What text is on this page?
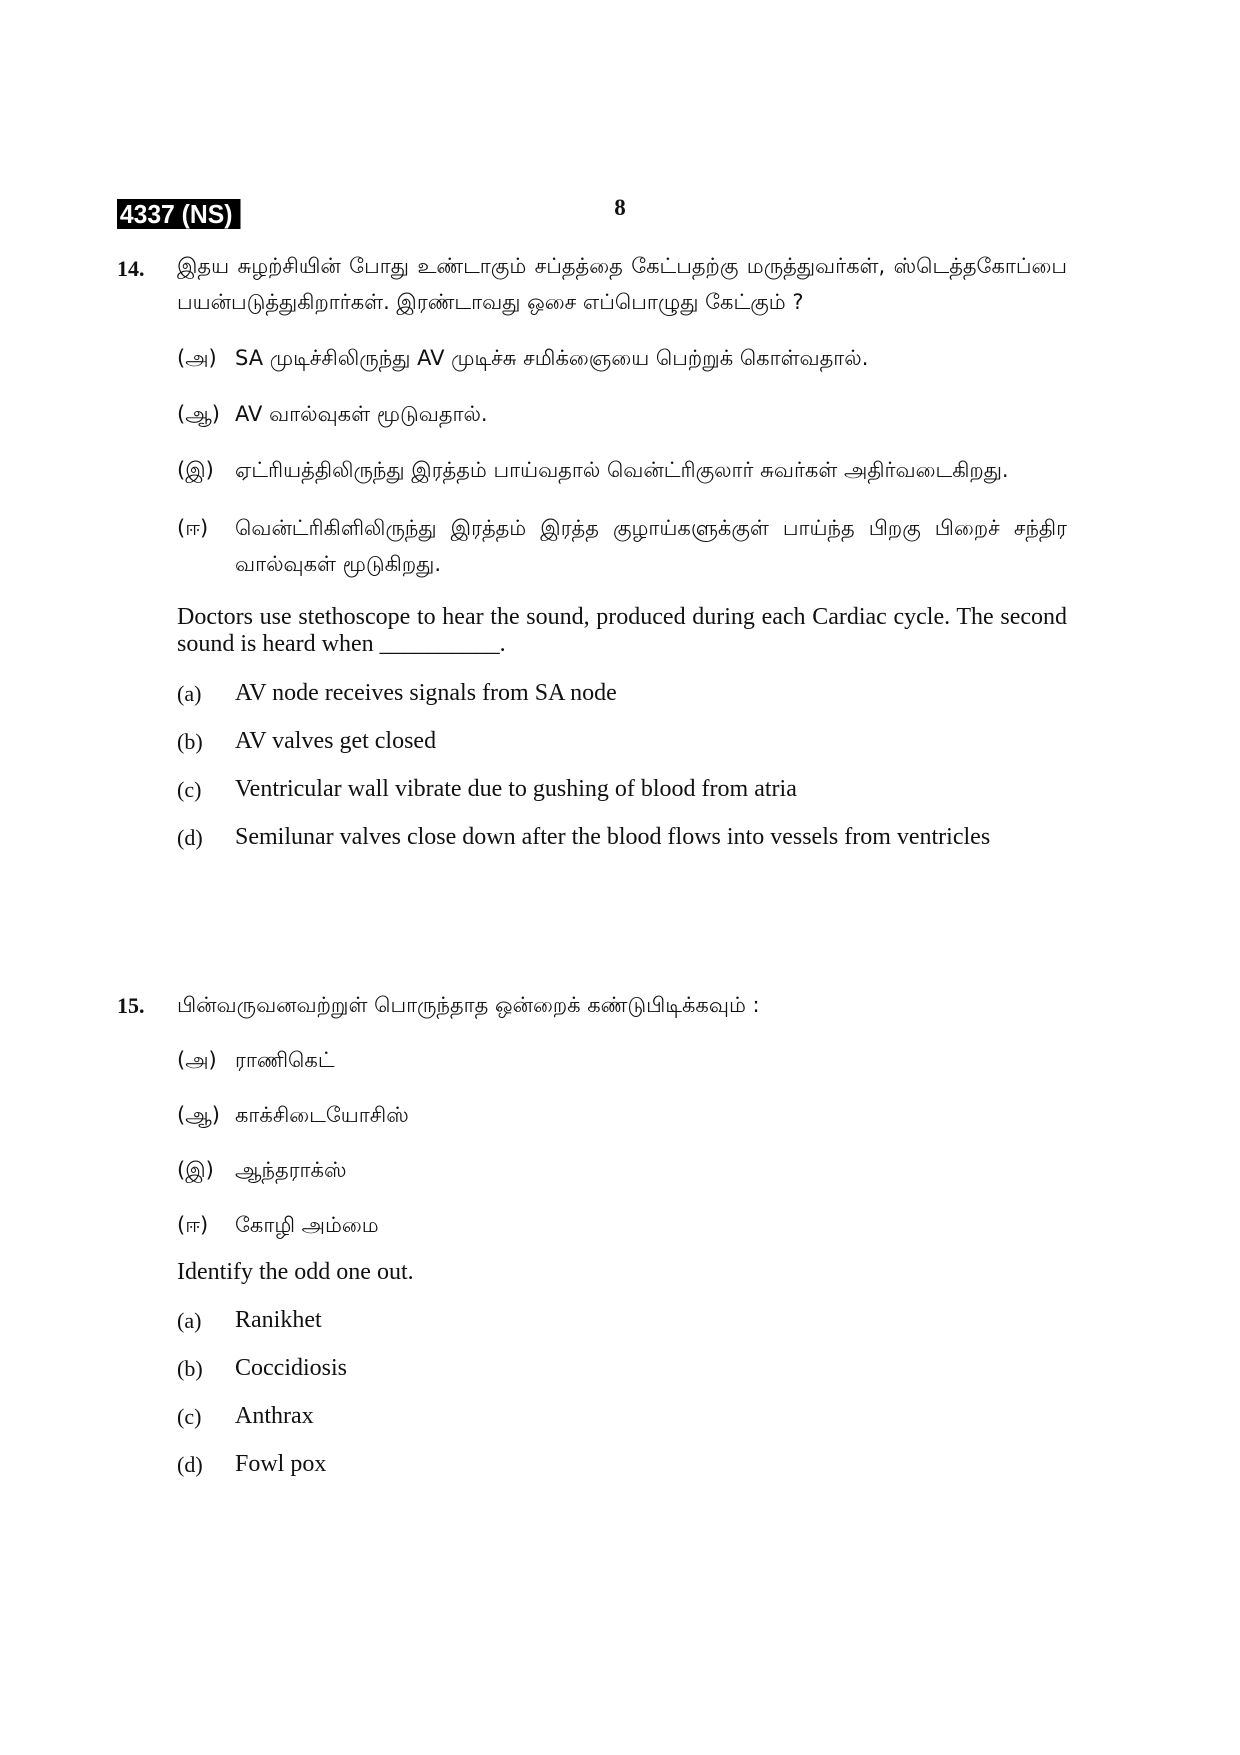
4337 (NS)	8
14. இதய சுழற்சியின் போது உண்டாகும் சப்தத்தை கேட்பதற்கு மருத்துவர்கள், ஸ்டெத்தகோப்பை பயன்படுத்துகிறார்கள். இரண்டாவது ஒசை எப்பொழுது கேட்கும் ?
(அ) SA முடிச்சிலிருந்து AV முடிச்சு சமிக்ஞையை பெற்றுக் கொள்வதால்.
(ஆ) AV வால்வுகள் மூடுவதால்.
(இ) ஏட்ரியத்திலிருந்து இரத்தம் பாய்வதால் வென்ட்ரிகுலார் சுவர்கள் அதிர்வடைகிறது.
(ஈ) வென்ட்ரிகிளிலிருந்து இரத்தம் இரத்த குழாய்களுக்குள் பாய்ந்த பிறகு பிறைச் சந்திர வால்வுகள் மூடுகிறது.
Doctors use stethoscope to hear the sound, produced during each Cardiac cycle. The second sound is heard when __________.
(a) AV node receives signals from SA node
(b) AV valves get closed
(c) Ventricular wall vibrate due to gushing of blood from atria
(d) Semilunar valves close down after the blood flows into vessels from ventricles
15. பின்வருவனவற்றுள் பொருந்தாத ஒன்றைக் கண்டுபிடிக்கவும் :
(அ) ராணிகெட்
(ஆ) காக்சிடையோசிஸ்
(இ) ஆந்தராக்ஸ்
(ஈ) கோழி அம்மை
Identify the odd one out.
(a) Ranikhet
(b) Coccidiosis
(c) Anthrax
(d) Fowl pox
